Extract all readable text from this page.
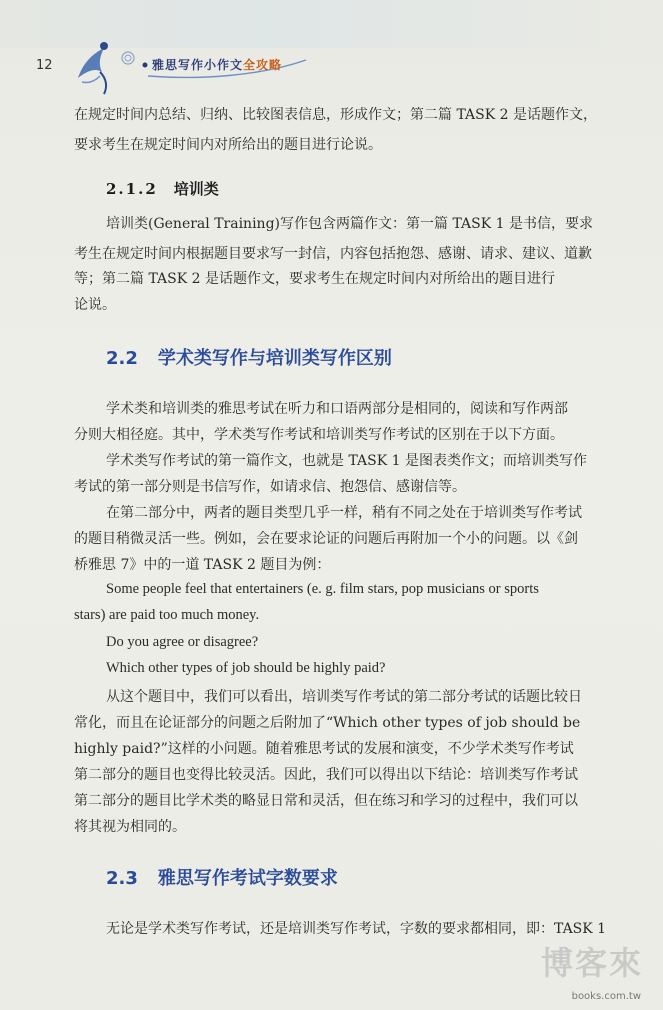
12	雅思写作小作文全攻略
在规定时间内总结、归纳、比较图表信息，形成作文；第二篇 TASK 2 是话题作文，
要求考生在规定时间内对所给出的题目进行论说。
2.1.2 培训类
培训类(General Training)写作包含两篇作文：第一篇 TASK 1 是书信，要求
考生在规定时间内根据题目要求写一封信，内容包括抱怨、感谢、请求、建议、道歉
等；第二篇 TASK 2 是话题作文，要求考生在规定时间内对所给出的题目进行
论说。
2.2 学术类写作与培训类写作区别
学术类和培训类的雅思考试在听力和口语两部分是相同的，阅读和写作两部
分则大相径庭。其中，学术类写作考试和培训类写作考试的区别在于以下方面。
学术类写作考试的第一篇作文，也就是 TASK 1 是图表类作文；而培训类写作
考试的第一部分则是书信写作，如请求信、抱怨信、感谢信等。
在第二部分中，两者的题目类型几乎一样，稍有不同之处在于培训类写作考试
的题目稍微灵活一些。例如，会在要求论证的问题后再附加一个小的问题。以《剑
桥雅思 7》中的一道 TASK 2 题目为例：
Some people feel that entertainers (e. g. film stars, pop musicians or sports
stars) are paid too much money.
Do you agree or disagree?
Which other types of job should be highly paid?
从这个题目中，我们可以看出，培训类写作考试的第二部分考试的话题比较日
常化，而且在论证部分的问题之后附加了“Which other types of job should be
highly paid?”这样的小问题。随着雅思考试的发展和演变，不少学术类写作考试
第二部分的题目也变得比较灵活。因此，我们可以得出以下结论：培训类写作考试
第二部分的题目比学术类的略显日常和灵活，但在练习和学习的过程中，我们可以
将其视为相同的。
2.3 雅思写作考试字数要求
无论是学术类写作考试，还是培训类写作考试，字数的要求都相同，即：TASK 1
博客來
books.com.tw
